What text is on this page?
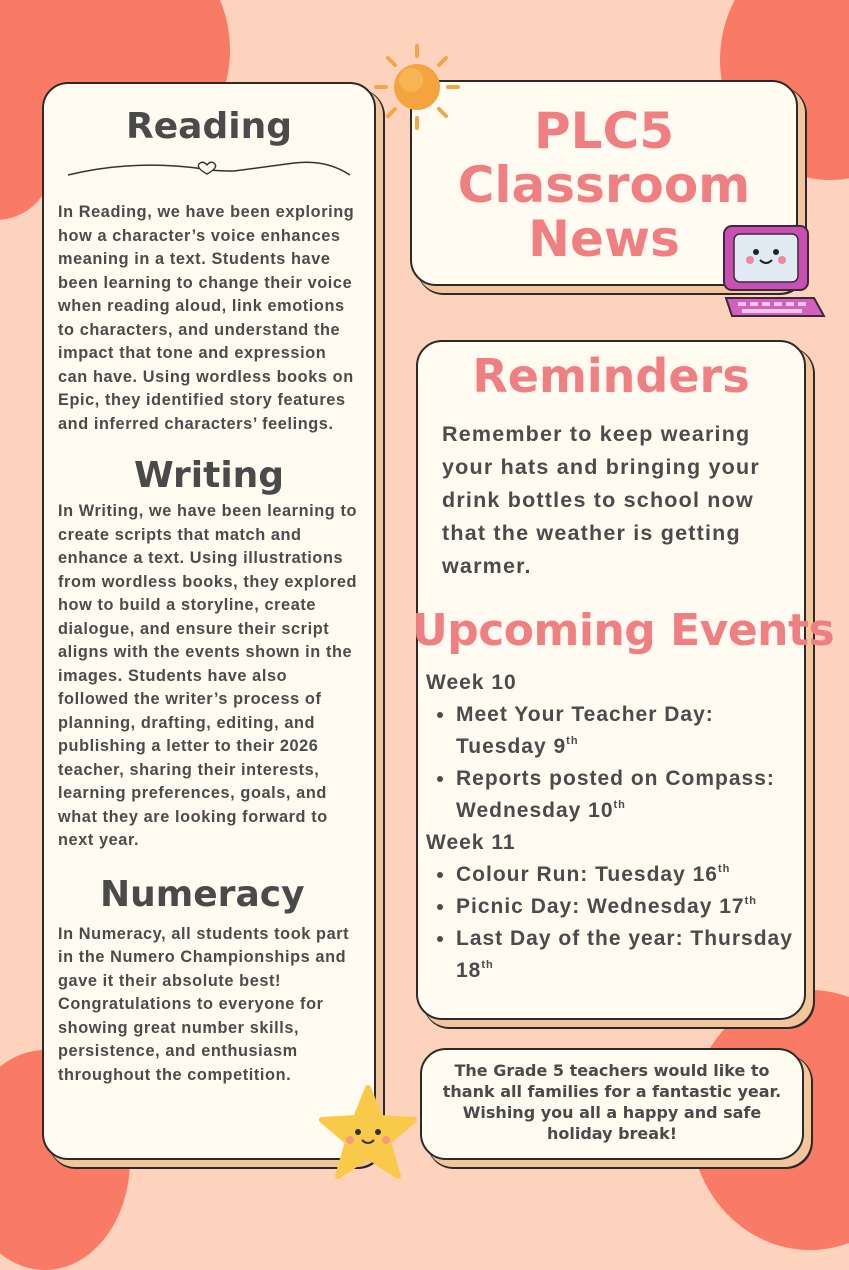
Reading

In Reading, we have been exploring how a character’s voice enhances meaning in a text. Students have been learning to change their voice when reading aloud, link emotions to characters, and understand the impact that tone and expression can have. Using wordless books on Epic, they identified story features and inferred characters’ feelings.

Writing

In Writing, we have been learning to create scripts that match and enhance a text. Using illustrations from wordless books, they explored how to build a storyline, create dialogue, and ensure their script aligns with the events shown in the images. Students have also followed the writer’s process of planning, drafting, editing, and publishing a letter to their 2026 teacher, sharing their interests, learning preferences, goals, and what they are looking forward to next year.

Numeracy

In Numeracy, all students took part in the Numero Championships and gave it their absolute best! Congratulations to everyone for showing great number skills, persistence, and enthusiasm throughout the competition.

PLC5
Classroom
News
Reminders

Remember to keep wearing your hats and bringing your drink bottles to school now that the weather is getting warmer.

Upcoming Events
Week 10
• Meet Your Teacher Day: Tuesday 9th
• Reports posted on Compass: Wednesday 10th
Week 11
• Colour Run: Tuesday 16th
• Picnic Day: Wednesday 17th
• Last Day of the year: Thursday 18th

The Grade 5 teachers would like to thank all families for a fantastic year. Wishing you all a happy and safe holiday break!
